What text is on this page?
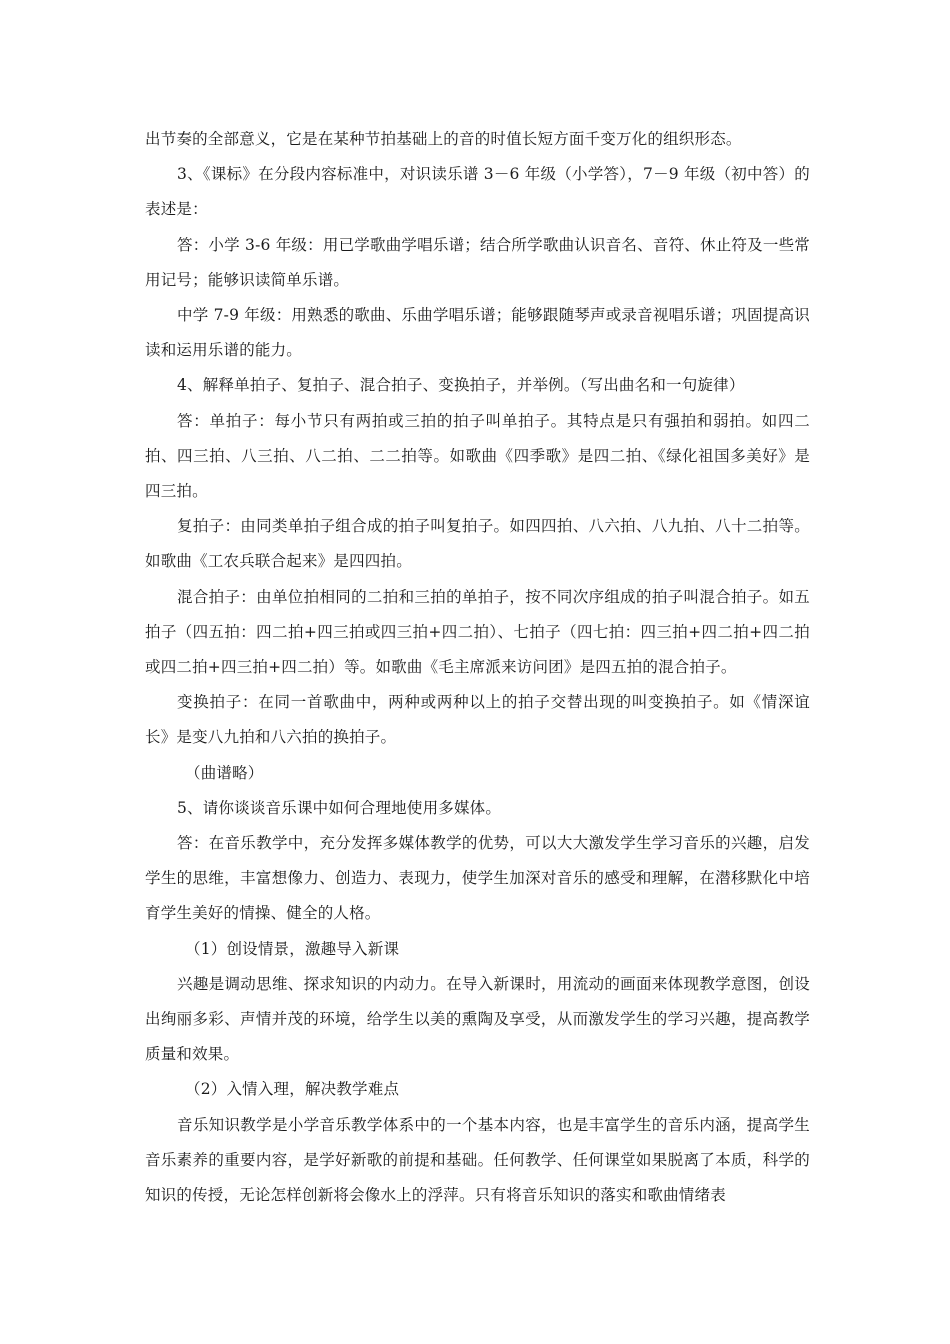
出节奏的全部意义，它是在某种节拍基础上的音的时值长短方面千变万化的组织形态。

3、《课标》在分段内容标准中，对识读乐谱 3－6 年级（小学答），7－9 年级（初中答）的表述是：

答：小学 3-6 年级：用已学歌曲学唱乐谱；结合所学歌曲认识音名、音符、休止符及一些常用记号；能够识读简单乐谱。

中学 7-9 年级：用熟悉的歌曲、乐曲学唱乐谱；能够跟随琴声或录音视唱乐谱；巩固提高识读和运用乐谱的能力。

4、解释单拍子、复拍子、混合拍子、变换拍子，并举例。（写出曲名和一句旋律）

答：单拍子：每小节只有两拍或三拍的拍子叫单拍子。其特点是只有强拍和弱拍。如四二拍、四三拍、八三拍、八二拍、二二拍等。如歌曲《四季歌》是四二拍、《绿化祖国多美好》是四三拍。

复拍子：由同类单拍子组合成的拍子叫复拍子。如四四拍、八六拍、八九拍、八十二拍等。如歌曲《工农兵联合起来》是四四拍。

混合拍子：由单位拍相同的二拍和三拍的单拍子，按不同次序组成的拍子叫混合拍子。如五拍子（四五拍：四二拍+四三拍或四三拍+四二拍）、七拍子（四七拍：四三拍+四二拍+四二拍或四二拍+四三拍+四二拍）等。如歌曲《毛主席派来访问团》是四五拍的混合拍子。

变换拍子：在同一首歌曲中，两种或两种以上的拍子交替出现的叫变换拍子。如《情深谊长》是变八九拍和八六拍的换拍子。

（曲谱略）

5、请你谈谈音乐课中如何合理地使用多媒体。

答：在音乐教学中，充分发挥多媒体教学的优势，可以大大激发学生学习音乐的兴趣，启发学生的思维，丰富想像力、创造力、表现力，使学生加深对音乐的感受和理解，在潜移默化中培育学生美好的情操、健全的人格。

（1）创设情景，激趣导入新课

兴趣是调动思维、探求知识的内动力。在导入新课时，用流动的画面来体现教学意图，创设出绚丽多彩、声情并茂的环境，给学生以美的熏陶及享受，从而激发学生的学习兴趣，提高教学质量和效果。

（2）入情入理，解决教学难点

音乐知识教学是小学音乐教学体系中的一个基本内容，也是丰富学生的音乐内涵，提高学生音乐素养的重要内容，是学好新歌的前提和基础。任何教学、任何课堂如果脱离了本质，科学的知识的传授，无论怎样创新将会像水上的浮萍。只有将音乐知识的落实和歌曲情绪表
